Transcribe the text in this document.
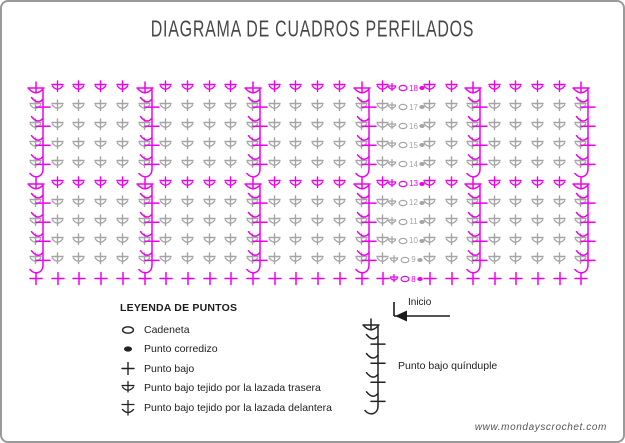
DIAGRAMA DE CUADROS PERFILADOS
18
17
16
15
14
13
12
11
10
9
8
LEYENDA DE PUNTOS
Cadeneta
Punto corredizo
Punto bajo
Punto bajo tejido por la lazada trasera
Punto bajo tejido por la lazada delantera
Inicio
Punto bajo quínduple
www.mondayscrochet.com
